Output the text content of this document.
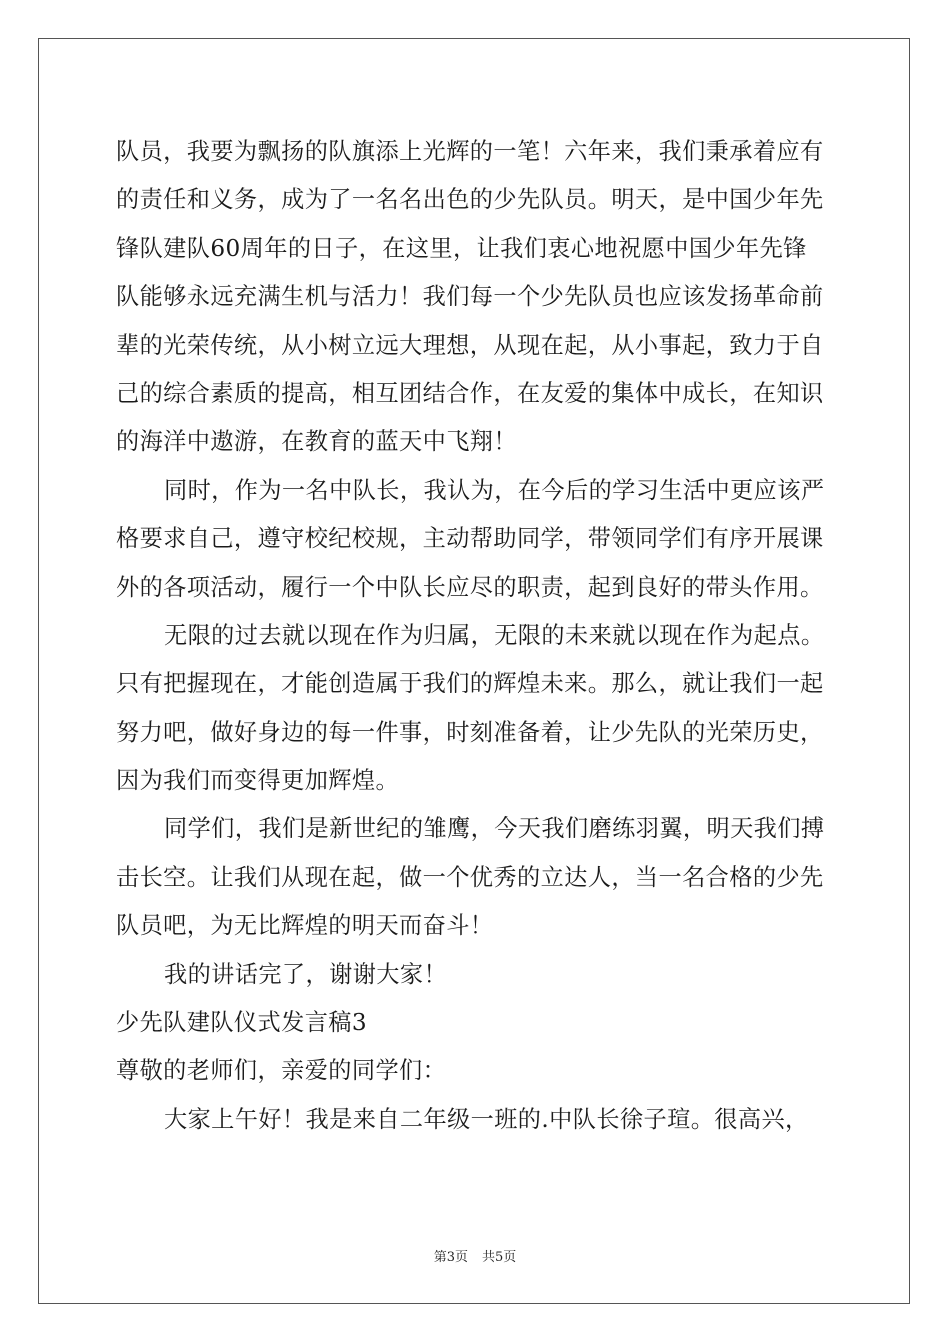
队员，我要为飘扬的队旗添上光辉的一笔！六年来，我们秉承着应有
的责任和义务，成为了一名名出色的少先队员。明天，是中国少年先
锋队建队60周年的日子，在这里，让我们衷心地祝愿中国少年先锋
队能够永远充满生机与活力！我们每一个少先队员也应该发扬革命前
辈的光荣传统，从小树立远大理想，从现在起，从小事起，致力于自
己的综合素质的提高，相互团结合作，在友爱的集体中成长，在知识
的海洋中遨游，在教育的蓝天中飞翔！
同时，作为一名中队长，我认为，在今后的学习生活中更应该严
格要求自己，遵守校纪校规，主动帮助同学，带领同学们有序开展课
外的各项活动，履行一个中队长应尽的职责，起到良好的带头作用。
无限的过去就以现在作为归属，无限的未来就以现在作为起点。
只有把握现在，才能创造属于我们的辉煌未来。那么，就让我们一起
努力吧，做好身边的每一件事，时刻准备着，让少先队的光荣历史，
因为我们而变得更加辉煌。
同学们，我们是新世纪的雏鹰，今天我们磨练羽翼，明天我们搏
击长空。让我们从现在起，做一个优秀的立达人，当一名合格的少先
队员吧，为无比辉煌的明天而奋斗！
我的讲话完了，谢谢大家！
少先队建队仪式发言稿3
尊敬的老师们，亲爱的同学们：
大家上午好！我是来自二年级一班的.中队长徐子瑄。很高兴，
第3页 共5页
